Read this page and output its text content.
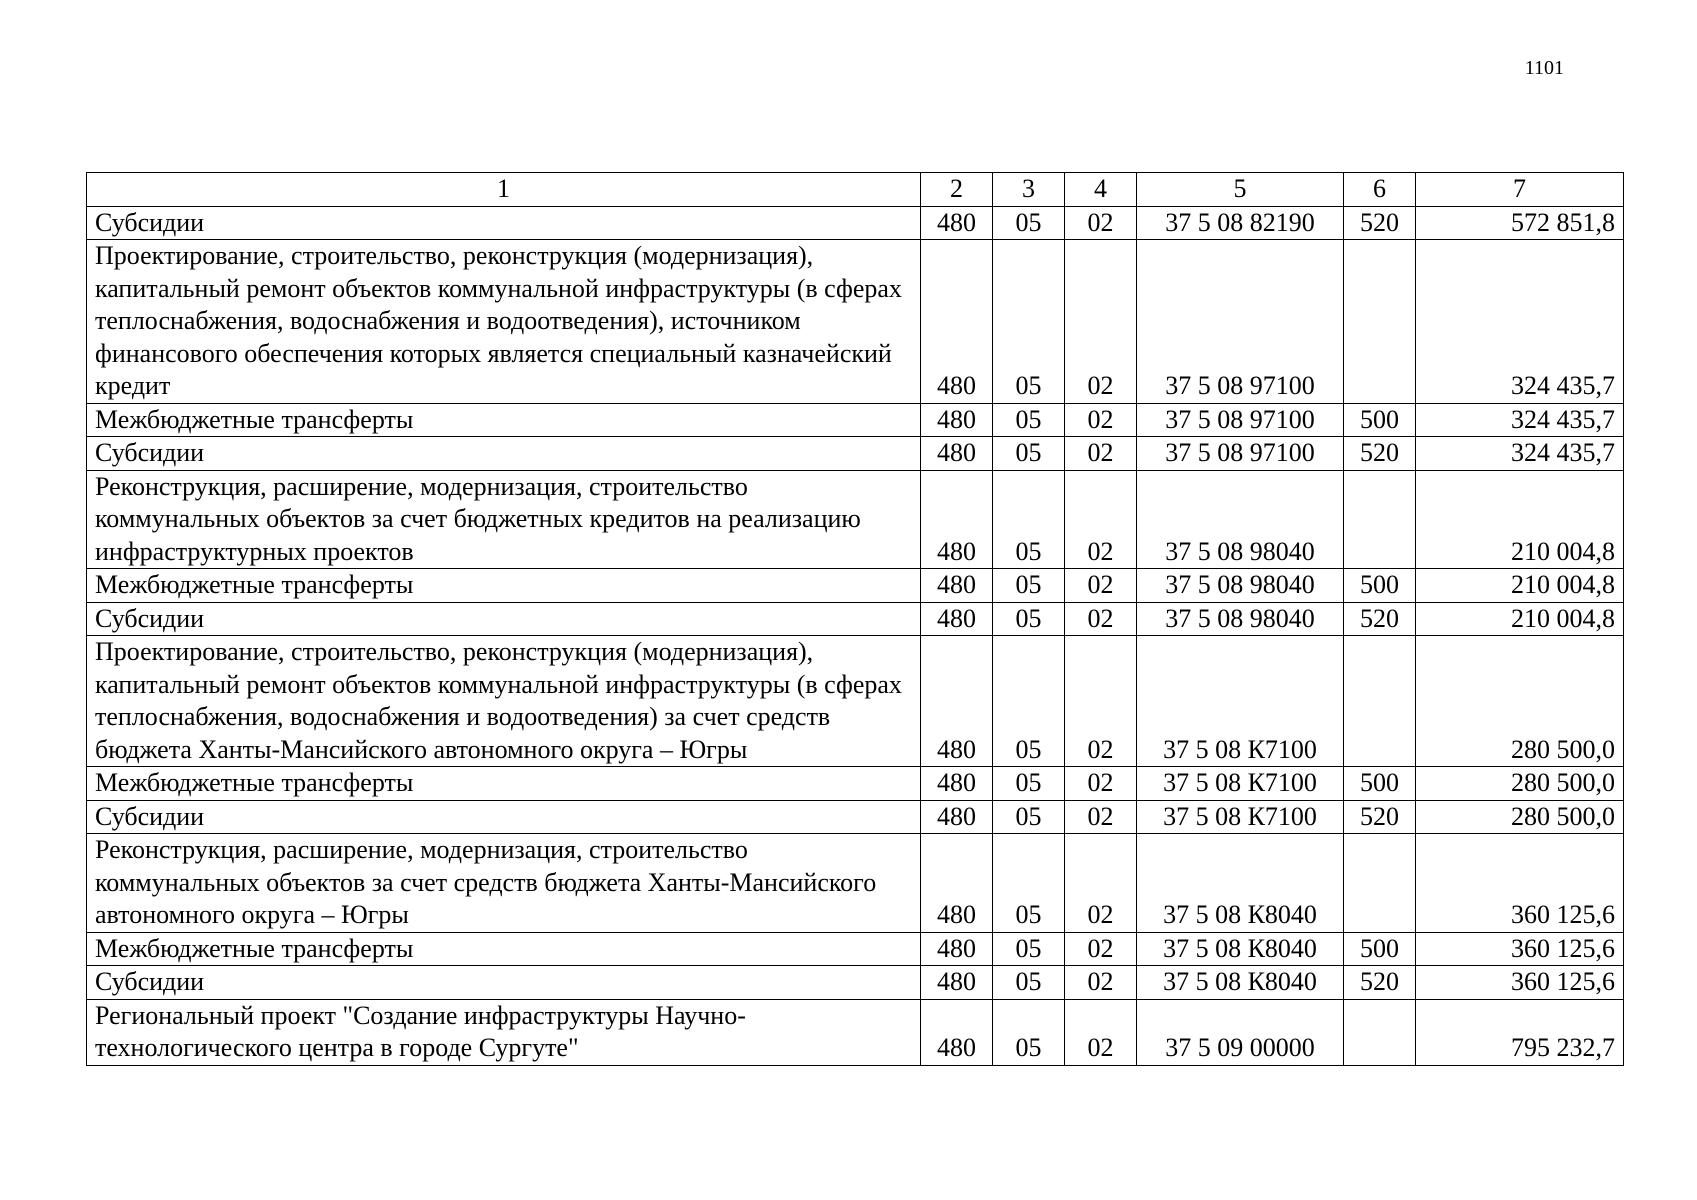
1101
1	2	3	4	5	6	7
Субсидии	480	05	02	37 5 08 82190	520	572 851,8
Проектирование, строительство, реконструкция (модернизация), капитальный ремонт объектов коммунальной инфраструктуры (в сферах теплоснабжения, водоснабжения и водоотведения), источником финансового обеспечения которых является специальный казначейский кредит	480	05	02	37 5 08 97100		324 435,7
Межбюджетные трансферты	480	05	02	37 5 08 97100	500	324 435,7
Субсидии	480	05	02	37 5 08 97100	520	324 435,7
Реконструкция, расширение, модернизация, строительство коммунальных объектов за счет бюджетных кредитов на реализацию инфраструктурных проектов	480	05	02	37 5 08 98040		210 004,8
Межбюджетные трансферты	480	05	02	37 5 08 98040	500	210 004,8
Субсидии	480	05	02	37 5 08 98040	520	210 004,8
Проектирование, строительство, реконструкция (модернизация), капитальный ремонт объектов коммунальной инфраструктуры (в сферах теплоснабжения, водоснабжения и водоотведения) за счет средств бюджета Ханты-Мансийского автономного округа – Югры	480	05	02	37 5 08 К7100		280 500,0
Межбюджетные трансферты	480	05	02	37 5 08 К7100	500	280 500,0
Субсидии	480	05	02	37 5 08 К7100	520	280 500,0
Реконструкция, расширение, модернизация, строительство коммунальных объектов за счет средств бюджета Ханты-Мансийского автономного округа – Югры	480	05	02	37 5 08 К8040		360 125,6
Межбюджетные трансферты	480	05	02	37 5 08 К8040	500	360 125,6
Субсидии	480	05	02	37 5 08 К8040	520	360 125,6
Региональный проект "Создание инфраструктуры Научно-технологического центра в городе Сургуте"	480	05	02	37 5 09 00000		795 232,7
